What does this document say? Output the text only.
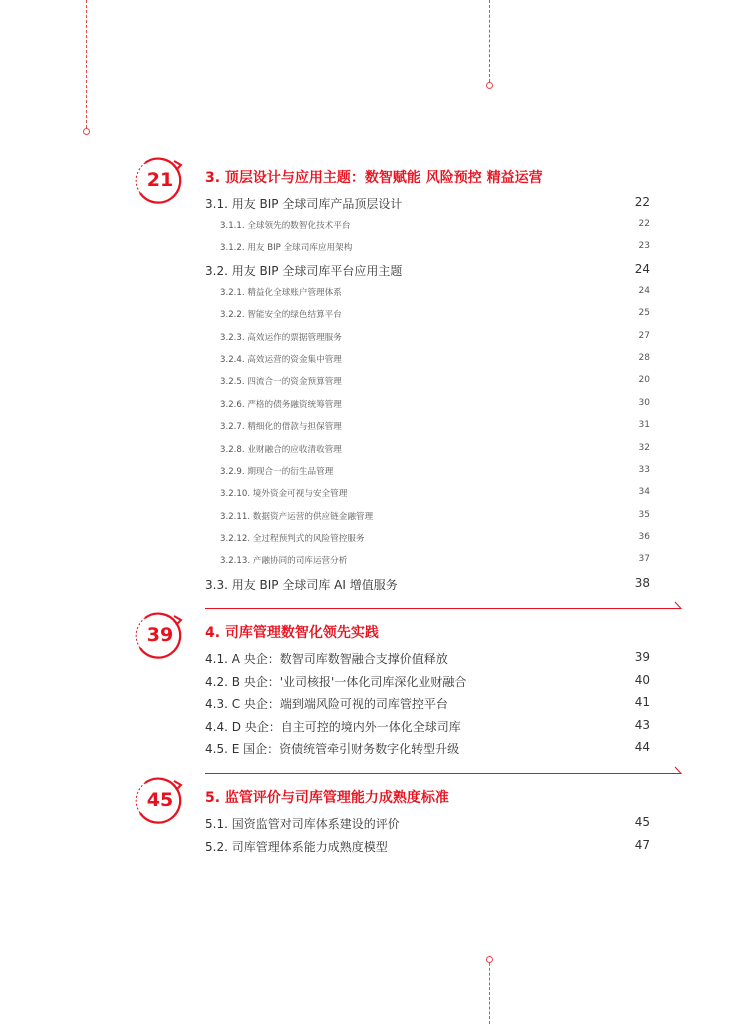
21	3. 顶层设计与应用主题：数智赋能 风险预控 精益运营
3.1. 用友 BIP 全球司库产品顶层设计	22
3.1.1. 全球领先的数智化技术平台	22
3.1.2. 用友 BIP 全球司库应用架构	23
3.2. 用友 BIP 全球司库平台应用主题	24
3.2.1. 精益化全球账户管理体系	24
3.2.2. 智能安全的绿色结算平台	25
3.2.3. 高效运作的票据管理服务	27
3.2.4. 高效运营的资金集中管理	28
3.2.5. 四流合一的资金预算管理	20
3.2.6. 严格的债务融资统筹管理	30
3.2.7. 精细化的借款与担保管理	31
3.2.8. 业财融合的应收清收管理	32
3.2.9. 期现合一的衍生品管理	33
3.2.10. 境外资金可视与安全管理	34
3.2.11. 数据资产运营的供应链金融管理	35
3.2.12. 全过程预判式的风险管控服务	36
3.2.13. 产融协同的司库运营分析	37
3.3. 用友 BIP 全球司库 AI 增值服务	38
39	4. 司库管理数智化领先实践
4.1. A 央企：数智司库数智融合支撑价值释放	39
4.2. B 央企：'业司核报'一体化司库深化业财融合	40
4.3. C 央企：端到端风险可视的司库管控平台	41
4.4. D 央企：自主可控的境内外一体化全球司库	43
4.5. E 国企：资债统管牵引财务数字化转型升级	44
45	5. 监管评价与司库管理能力成熟度标准
5.1. 国资监管对司库体系建设的评价	45
5.2. 司库管理体系能力成熟度模型	47
